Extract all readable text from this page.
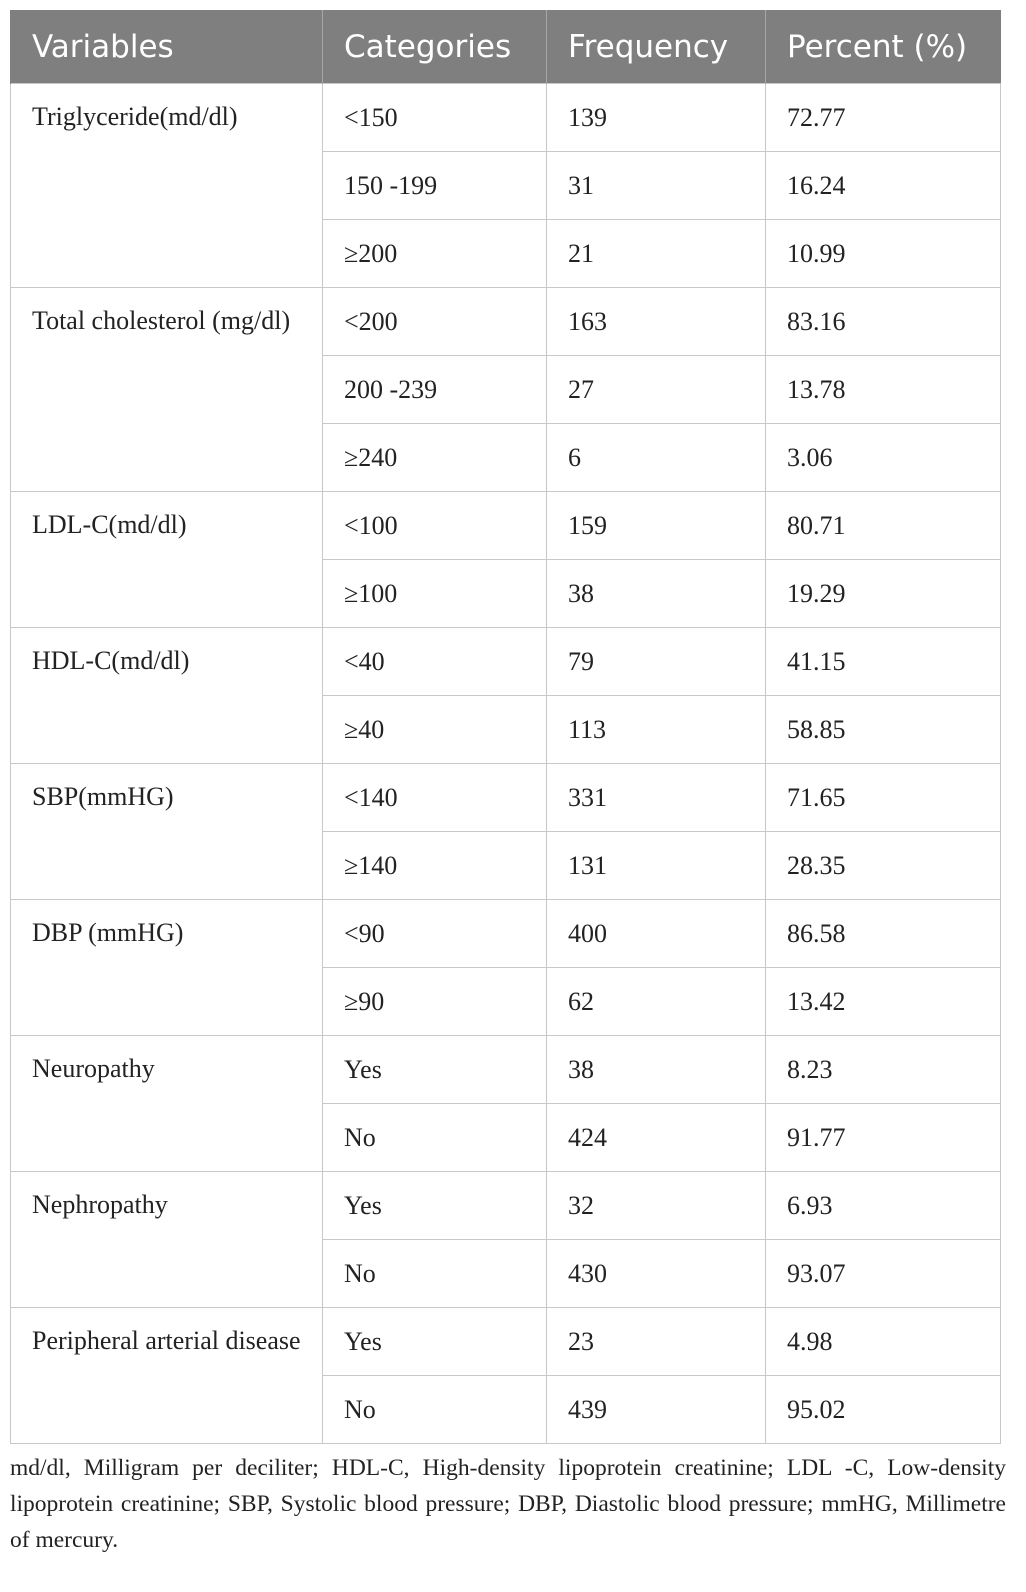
Variables	Categories	Frequency	Percent (%)
Triglyceride(md/dl)	<150	139	72.77
	150 -199	31	16.24
	≥200	21	10.99
Total cholesterol (mg/dl)	<200	163	83.16
	200 -239	27	13.78
	≥240	6	3.06
LDL-C(md/dl)	<100	159	80.71
	≥100	38	19.29
HDL-C(md/dl)	<40	79	41.15
	≥40	113	58.85
SBP(mmHG)	<140	331	71.65
	≥140	131	28.35
DBP (mmHG)	<90	400	86.58
	≥90	62	13.42
Neuropathy	Yes	38	8.23
	No	424	91.77
Nephropathy	Yes	32	6.93
	No	430	93.07
Peripheral arterial disease	Yes	23	4.98
	No	439	95.02
md/dl, Milligram per deciliter; HDL-C, High-density lipoprotein creatinine; LDL -C, Low-density lipoprotein creatinine; SBP, Systolic blood pressure; DBP, Diastolic blood pressure; mmHG, Millimetre of mercury.
